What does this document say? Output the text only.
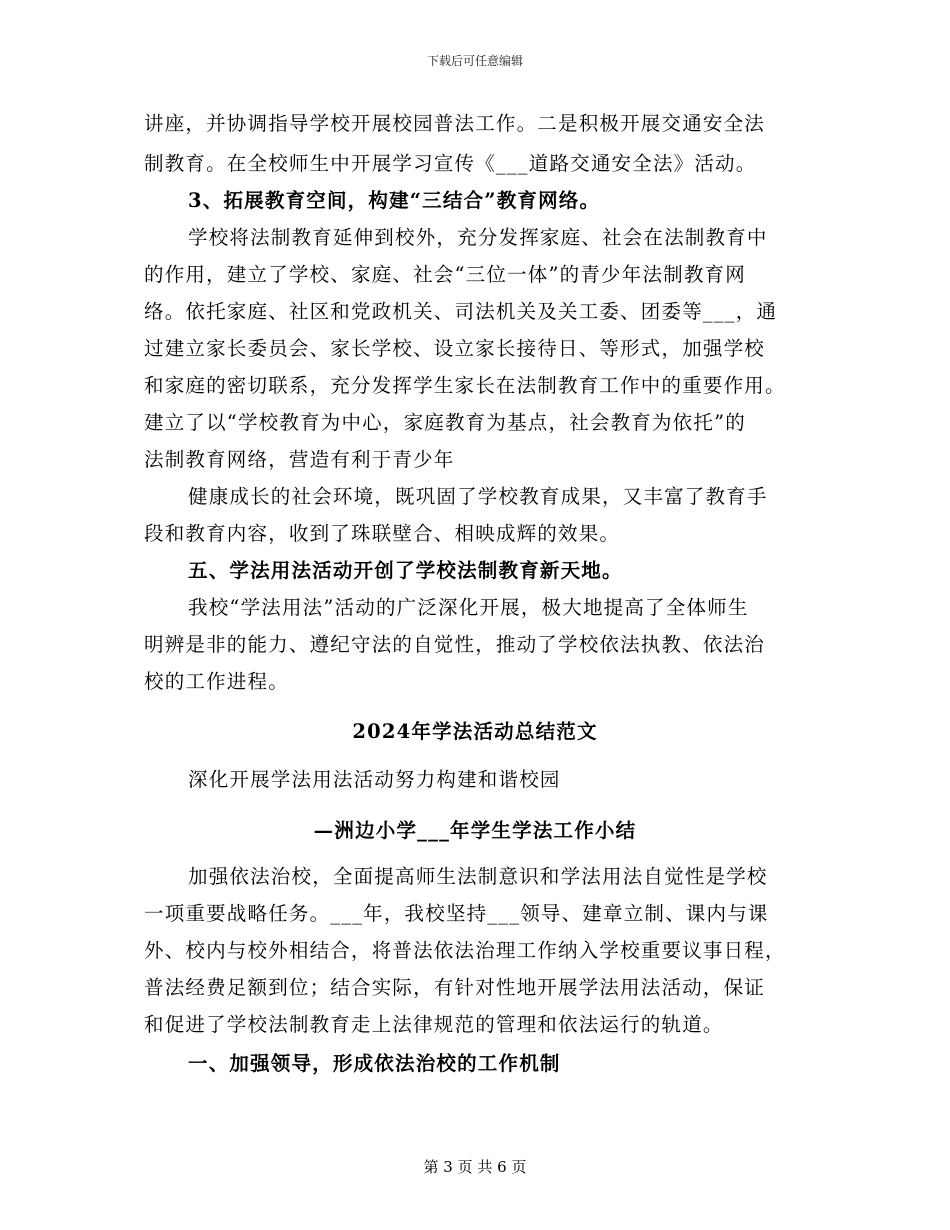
下载后可任意编辑
讲座，并协调指导学校开展校园普法工作。二是积极开展交通安全法
制教育。在全校师生中开展学习宣传《___道路交通安全法》活动。
3、拓展教育空间，构建“三结合”教育网络。
学校将法制教育延伸到校外，充分发挥家庭、社会在法制教育中
的作用，建立了学校、家庭、社会“三位一体”的青少年法制教育网
络。依托家庭、社区和党政机关、司法机关及关工委、团委等___，通
过建立家长委员会、家长学校、设立家长接待日、等形式，加强学校
和家庭的密切联系，充分发挥学生家长在法制教育工作中的重要作用。
建立了以“学校教育为中心，家庭教育为基点，社会教育为依托”的
法制教育网络，营造有利于青少年
健康成长的社会环境，既巩固了学校教育成果，又丰富了教育手
段和教育内容，收到了珠联壁合、相映成辉的效果。
五、学法用法活动开创了学校法制教育新天地。
我校“学法用法”活动的广泛深化开展，极大地提高了全体师生
明辨是非的能力、遵纪守法的自觉性，推动了学校依法执教、依法治
校的工作进程。
2024年学法活动总结范文
深化开展学法用法活动努力构建和谐校园
—洲边小学___年学生学法工作小结
加强依法治校，全面提高师生法制意识和学法用法自觉性是学校
一项重要战略任务。___年，我校坚持___领导、建章立制、课内与课
外、校内与校外相结合，将普法依法治理工作纳入学校重要议事日程，
普法经费足额到位；结合实际，有针对性地开展学法用法活动，保证
和促进了学校法制教育走上法律规范的管理和依法运行的轨道。
一、加强领导，形成依法治校的工作机制
第 3 页 共 6 页
